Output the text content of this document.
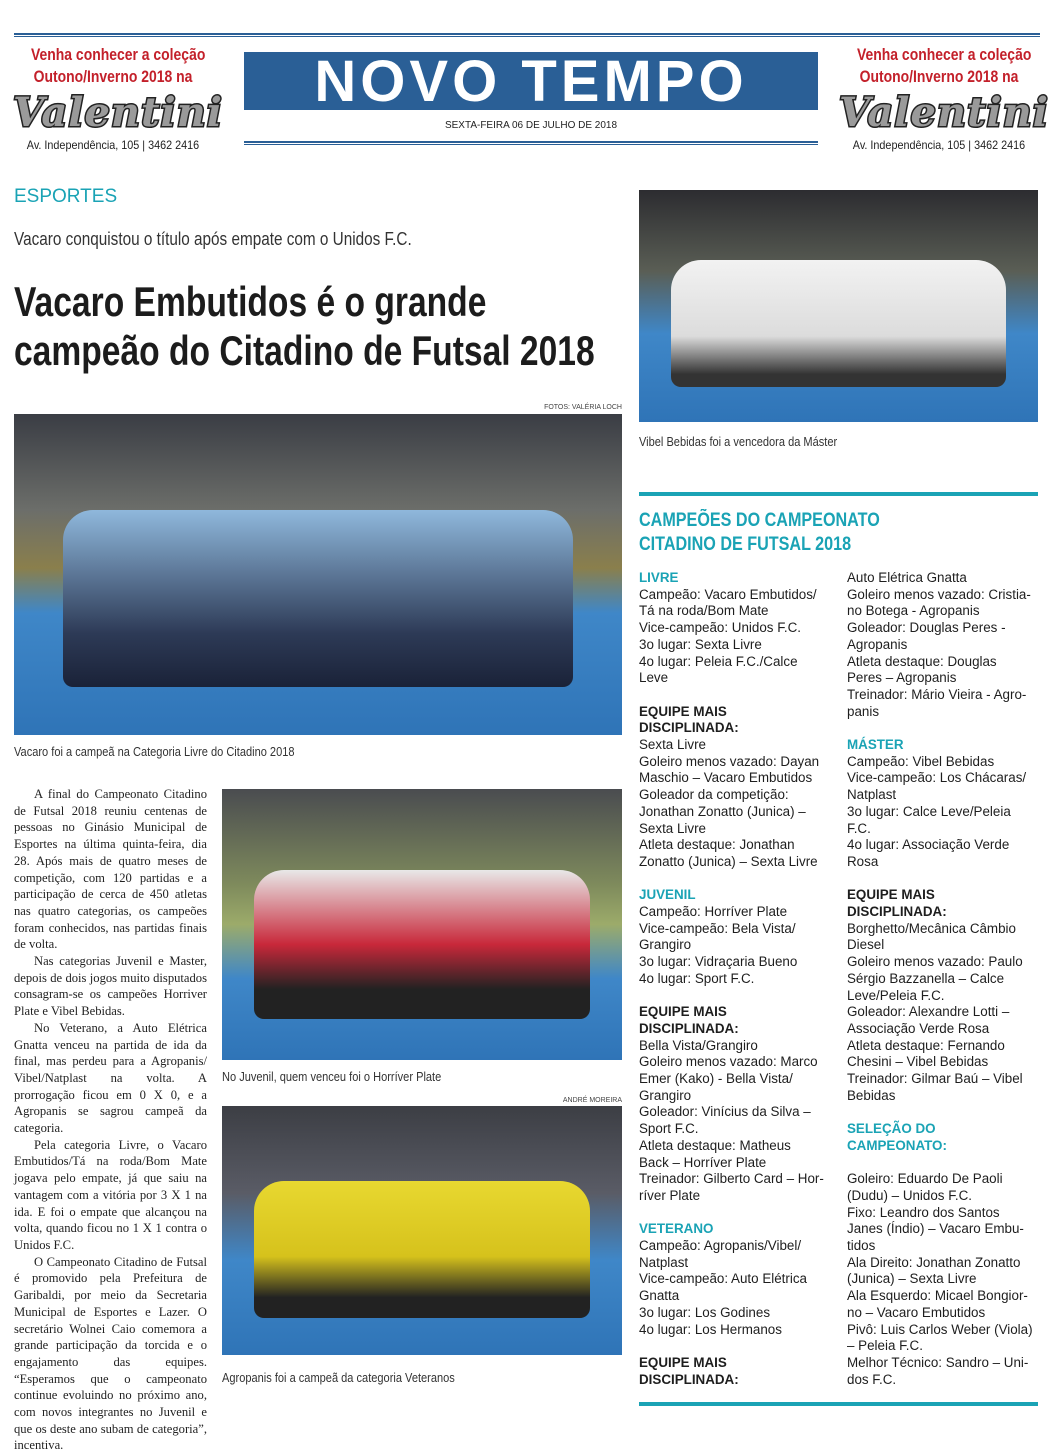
Venha conhecer a coleção
Outono/Inverno 2018 na
Valentini
Av. Independência, 105 | 3462 2416
Venha conhecer a coleção
Outono/Inverno 2018 na
Valentini
Av. Independência, 105 | 3462 2416
NOVO TEMPO
SEXTA-FEIRA 06 DE JULHO DE 2018
ESPORTES
Vacaro conquistou o título após empate com o Unidos F.C.
Vacaro Embutidos é o grande
campeão do Citadino de Futsal 2018
FOTOS: VALÉRIA LOCH
Vacaro foi a campeã na Categoria Livre do Citadino 2018

A final do Campeonato Citadino de Futsal 2018 reuniu centenas de pessoas no Ginásio Municipal de Esportes na última quinta-feira, dia 28. Após mais de quatro meses de competição, com 120 partidas e a participação de cerca de 450 atletas nas quatro categorias, os campeões foram conhecidos, nas partidas finais de volta.

Nas categorias Juvenil e Master, depois de dois jogos muito disputados consagram-se os campeões Horriver Plate e Vibel Bebidas.

No Veterano, a Auto Elétrica Gnatta venceu na partida de ida da final, mas perdeu para a Agropanis/ Vibel/Natplast na volta. A prorrogação ficou em 0 X 0, e a Agropanis se sagrou campeã da categoria.

Pela categoria Livre, o Vacaro Embutidos/Tá na roda/Bom Mate jogava pelo empate, já que saiu na vantagem com a vitória por 3 X 1 na ida. E foi o empate que alcançou na volta, quando ficou no 1 X 1 contra o Unidos F.C.

O Campeonato Citadino de Futsal é promovido pela Prefeitura de Garibaldi, por meio da Secretaria Municipal de Esportes e Lazer. O secretário Wolnei Caio comemora a grande participação da torcida e o engajamento das equipes. “Esperamos que o campeonato continue evoluindo no próximo ano, com novos integrantes no Juvenil e que os deste ano subam de categoria”, incentiva.

No Juvenil, quem venceu foi o Horríver Plate
ANDRÉ MOREIRA
Agropanis foi a campeã da categoria Veteranos
Vibel Bebidas foi a vencedora da Máster
CAMPEÕES DO CAMPEONATO
CITADINO DE FUTSAL 2018
LIVRE
Campeão: Vacaro Embutidos/
Tá na roda/Bom Mate
Vice-campeão: Unidos F.C.
3o lugar: Sexta Livre
4o lugar: Peleia F.C./Calce
Leve
EQUIPE MAIS
DISCIPLINADA:
Sexta Livre
Goleiro menos vazado: Dayan
Maschio – Vacaro Embutidos
Goleador da competição:
Jonathan Zonatto (Junica) –
Sexta Livre
Atleta destaque: Jonathan
Zonatto (Junica) – Sexta Livre
JUVENIL
Campeão: Horríver Plate
Vice-campeão: Bela Vista/
Grangiro
3o lugar: Vidraçaria Bueno
4o lugar: Sport F.C.
EQUIPE MAIS
DISCIPLINADA:
Bella Vista/Grangiro
Goleiro menos vazado: Marco
Emer (Kako) - Bella Vista/
Grangiro
Goleador: Vinícius da Silva –
Sport F.C.
Atleta destaque: Matheus
Back – Horríver Plate
Treinador: Gilberto Card – Hor-
ríver Plate
VETERANO
Campeão: Agropanis/Vibel/
Natplast
Vice-campeão: Auto Elétrica
Gnatta
3o lugar: Los Godines
4o lugar: Los Hermanos
EQUIPE MAIS
DISCIPLINADA:
Auto Elétrica Gnatta
Goleiro menos vazado: Cristia-
no Botega - Agropanis
Goleador: Douglas Peres -
Agropanis
Atleta destaque: Douglas
Peres – Agropanis
Treinador: Mário Vieira - Agro-
panis
MÁSTER
Campeão: Vibel Bebidas
Vice-campeão: Los Chácaras/
Natplast
3o lugar: Calce Leve/Peleia
F.C.
4o lugar: Associação Verde
Rosa
EQUIPE MAIS
DISCIPLINADA:
Borghetto/Mecânica Câmbio
Diesel
Goleiro menos vazado: Paulo
Sérgio Bazzanella – Calce
Leve/Peleia F.C.
Goleador: Alexandre Lotti –
Associação Verde Rosa
Atleta destaque: Fernando
Chesini – Vibel Bebidas
Treinador: Gilmar Baú – Vibel
Bebidas
SELEÇÃO DO
CAMPEONATO:
Goleiro: Eduardo De Paoli
(Dudu) – Unidos F.C.
Fixo: Leandro dos Santos
Janes (Índio) – Vacaro Embu-
tidos
Ala Direito: Jonathan Zonatto
(Junica) – Sexta Livre
Ala Esquerdo: Micael Bongior-
no – Vacaro Embutidos
Pivô: Luis Carlos Weber (Viola)
– Peleia F.C.
Melhor Técnico: Sandro – Uni-
dos F.C.
